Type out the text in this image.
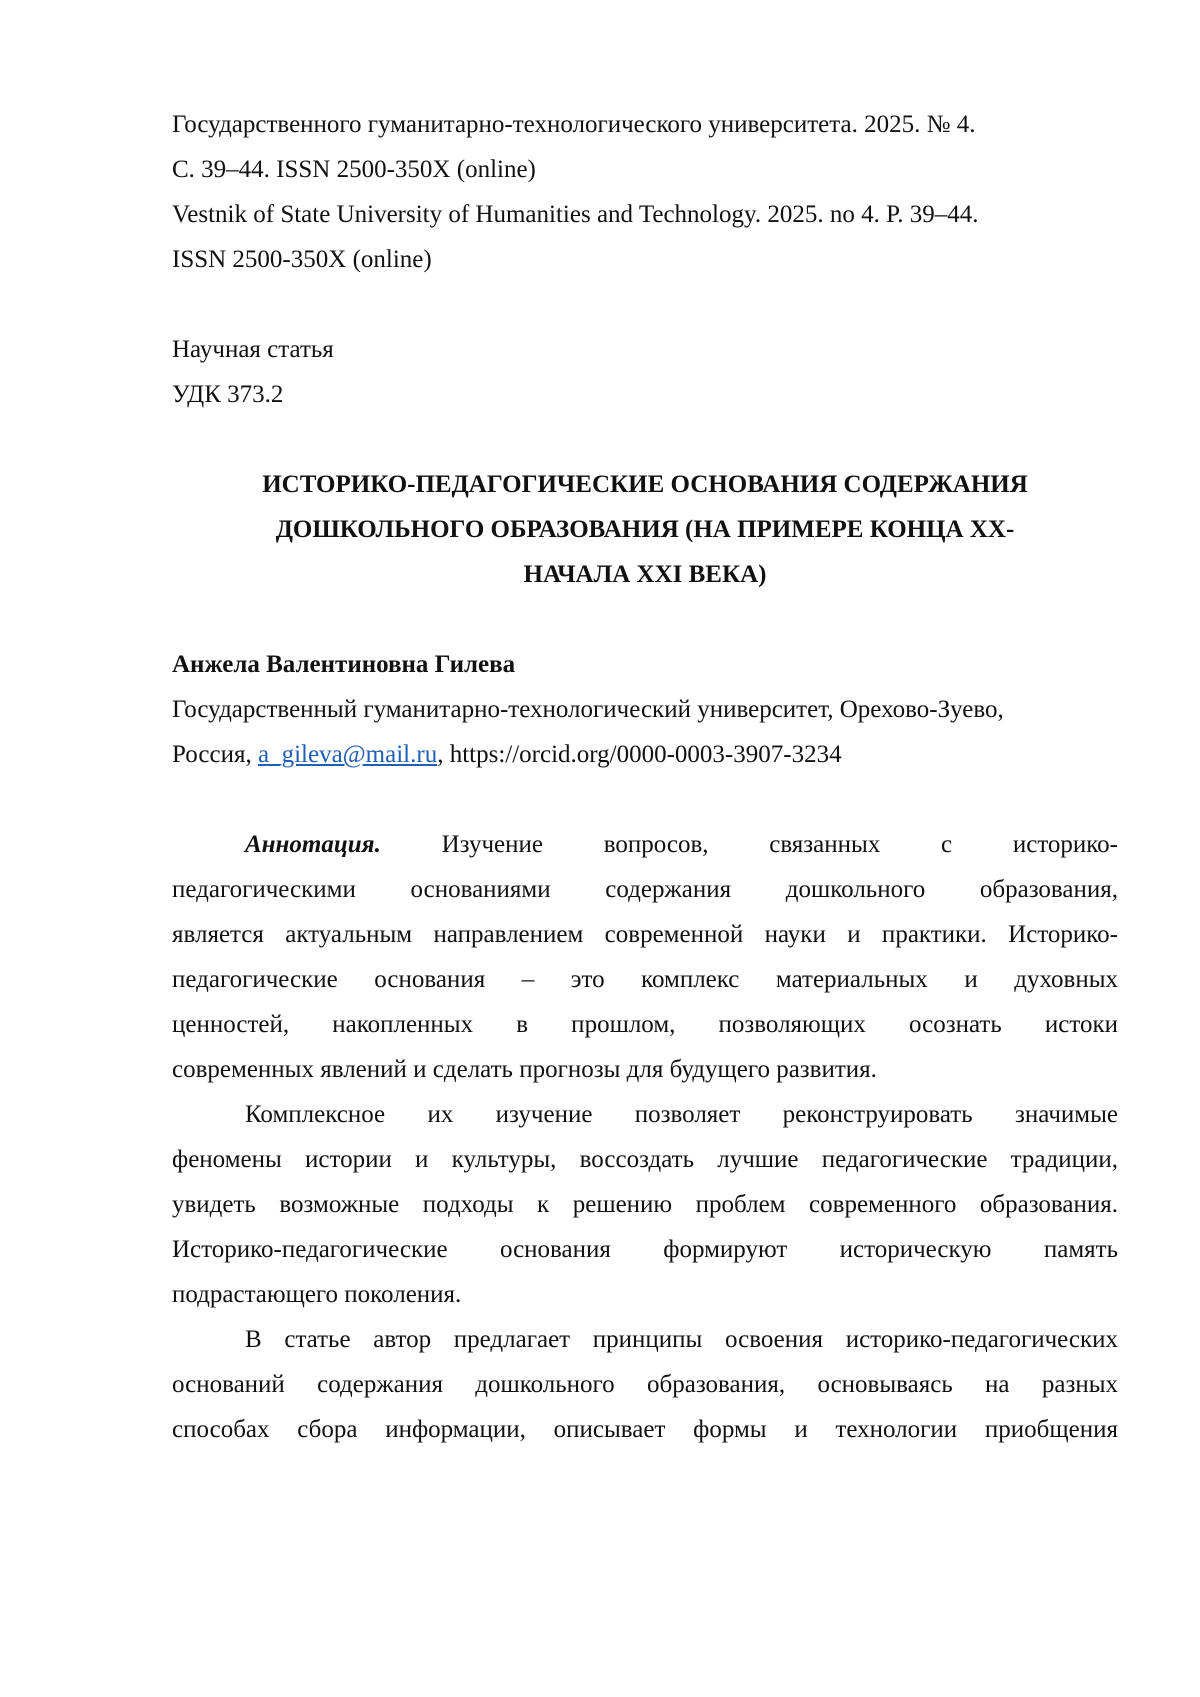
Государственного гуманитарно-технологического университета. 2025. № 4.
С. 39–44. ISSN 2500-350X (online)
Vestnik of State University of Humanities and Technology. 2025. no 4. P. 39–44.
ISSN 2500-350X (online)
Научная статья
УДК 373.2
ИСТОРИКО-ПЕДАГОГИЧЕСКИЕ ОСНОВАНИЯ СОДЕРЖАНИЯ
ДОШКОЛЬНОГО ОБРАЗОВАНИЯ (НА ПРИМЕРЕ КОНЦА XX-
НАЧАЛА XXI ВЕКА)
Анжела Валентиновна Гилева
Государственный гуманитарно-технологический университет, Орехово-Зуево,
Россия, a_gileva@mail.ru, https://orcid.org/0000-0003-3907-3234
Аннотация. Изучение вопросов, связанных с историко-
педагогическими основаниями содержания дошкольного образования,
является актуальным направлением современной науки и практики. Историко-
педагогические основания – это комплекс материальных и духовных
ценностей, накопленных в прошлом, позволяющих осознать истоки
современных явлений и сделать прогнозы для будущего развития.
Комплексное их изучение позволяет реконструировать значимые
феномены истории и культуры, воссоздать лучшие педагогические традиции,
увидеть возможные подходы к решению проблем современного образования.
Историко-педагогические основания формируют историческую память
подрастающего поколения.
В статье автор предлагает принципы освоения историко-педагогических
оснований содержания дошкольного образования, основываясь на разных
способах сбора информации, описывает формы и технологии приобщения
